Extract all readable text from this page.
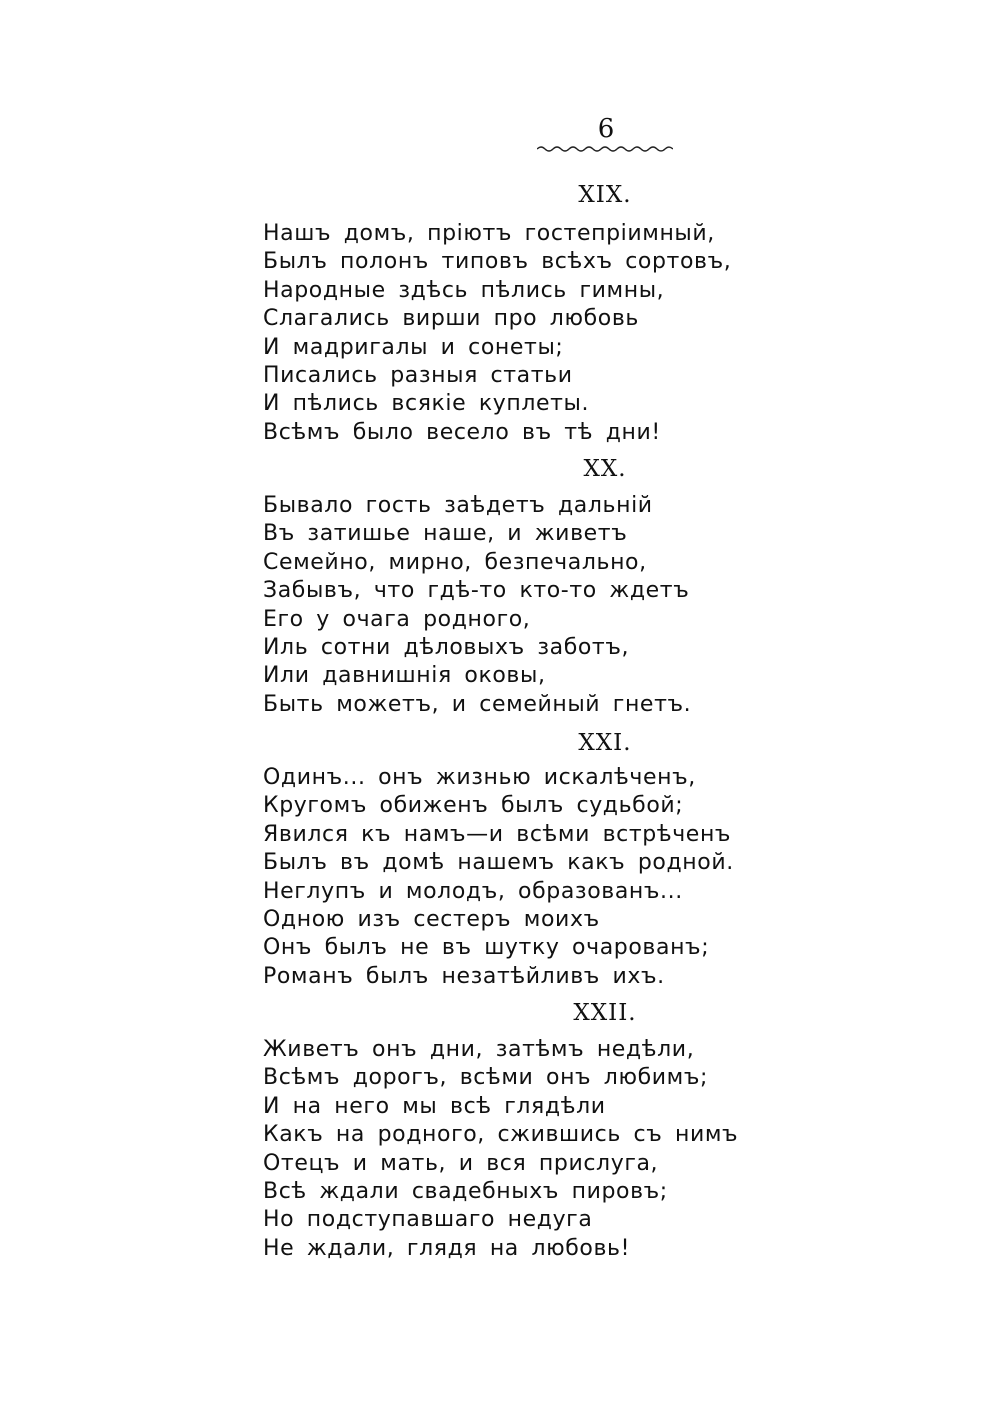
6
XIX.
Нашъ домъ, пріютъ гостепріимный,
Былъ полонъ типовъ всѣхъ сортовъ,
Народные здѣсь пѣлись гимны,
Слагались вирши про любовь
И мадригалы и сонеты;
Писались разныя статьи
И пѣлись всякіе куплеты.
Всѣмъ было весело въ тѣ дни!
XX.
Бывало гость заѣдетъ дальній
Въ затишье наше, и живетъ
Семейно, мирно, безпечально,
Забывъ, что гдѣ-то кто-то ждетъ
Его у очага родного,
Иль сотни дѣловыхъ заботъ,
Или давнишнія оковы,
Быть можетъ, и семейный гнетъ.
XXI.
Одинъ... онъ жизнью искалѣченъ,
Кругомъ обиженъ былъ судьбой;
Явился къ намъ—и всѣми встрѣченъ
Былъ въ домѣ нашемъ какъ родной.
Неглупъ и молодъ, образованъ...
Одною изъ сестеръ моихъ
Онъ былъ не въ шутку очарованъ;
Романъ былъ незатѣйливъ ихъ.
XXII.
Живетъ онъ дни, затѣмъ недѣли,
Всѣмъ дорогъ, всѣми онъ любимъ;
И на него мы всѣ глядѣли
Какъ на родного, сжившись съ нимъ
Отецъ и мать, и вся прислуга,
Всѣ ждали свадебныхъ пировъ;
Но подступавшаго недуга
Не ждали, глядя на любовь!
